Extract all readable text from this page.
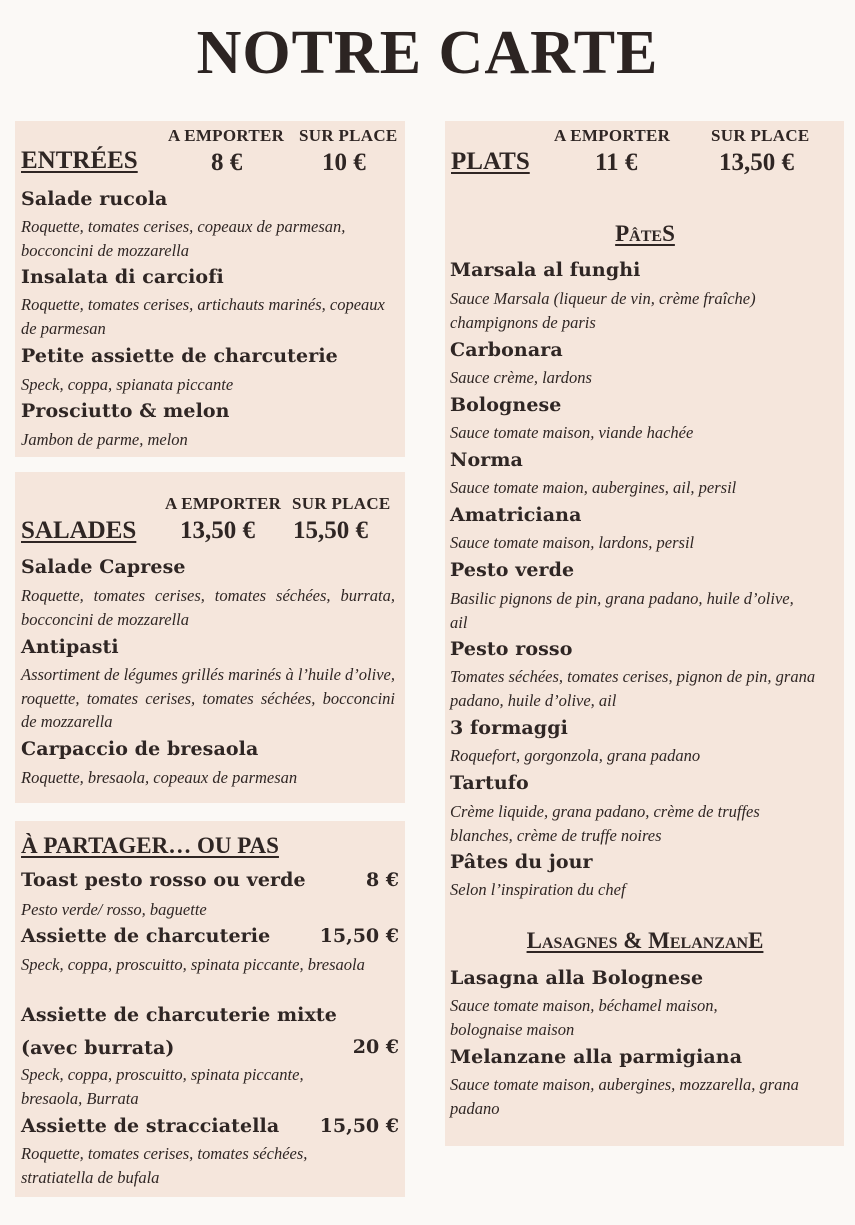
NOTRE CARTE
A EMPORTER SUR PLACE
ENTRÉES	8 €	10 €
Salade rucola
Roquette, tomates cerises, copeaux de parmesan, bocconcini de mozzarella
Insalata di carciofi
Roquette, tomates cerises, artichauts marinés, copeaux de parmesan
Petite assiette de charcuterie
Speck, coppa, spianata piccante
Prosciutto & melon
Jambon de parme, melon
A EMPORTER SUR PLACE
SALADES 13,50 € 15,50 €
Salade Caprese
Roquette, tomates cerises, tomates séchées, burrata, bocconcini de mozzarella
Antipasti
Assortiment de légumes grillés marinés à l’huile d’olive, roquette, tomates cerises, tomates séchées, bocconcini de mozzarella
Carpaccio de bresaola
Roquette, bresaola, copeaux de parmesan
À PARTAGER… OU PAS
Toast pesto rosso ou verde	8 €
Pesto verde/ rosso, baguette
Assiette de charcuterie	15,50 €
Speck, coppa, proscuitto, spinata piccante, bresaola
Assiette de charcuterie mixte
(avec burrata)	20 €
Speck, coppa, proscuitto, spinata piccante, bresaola, Burrata
Assiette de stracciatella 15,50 €
Roquette, tomates cerises, tomates séchées, stratiatella de bufala
A EMPORTER SUR PLACE
PLATS	11 €	13,50 €
PâteS
Marsala al funghi
Sauce Marsala (liqueur de vin, crème fraîche) champignons de paris
Carbonara
Sauce crème, lardons
Bolognese
Sauce tomate maison, viande hachée
Norma
Sauce tomate maion, aubergines, ail, persil
Amatriciana
Sauce tomate maison, lardons, persil
Pesto verde
Basilic pignons de pin, grana padano, huile d’olive, ail
Pesto rosso
Tomates séchées, tomates cerises, pignon de pin, grana padano, huile d’olive, ail
3 formaggi
Roquefort, gorgonzola, grana padano
Tartufo
Crème liquide, grana padano, crème de truffes blanches, crème de truffe noires
Pâtes du jour
Selon l’inspiration du chef
Lasagnes & MelanzanE
Lasagna alla Bolognese
Sauce tomate maison, béchamel maison, bolognaise maison
Melanzane alla parmigiana
Sauce tomate maison, aubergines, mozzarella, grana padano
